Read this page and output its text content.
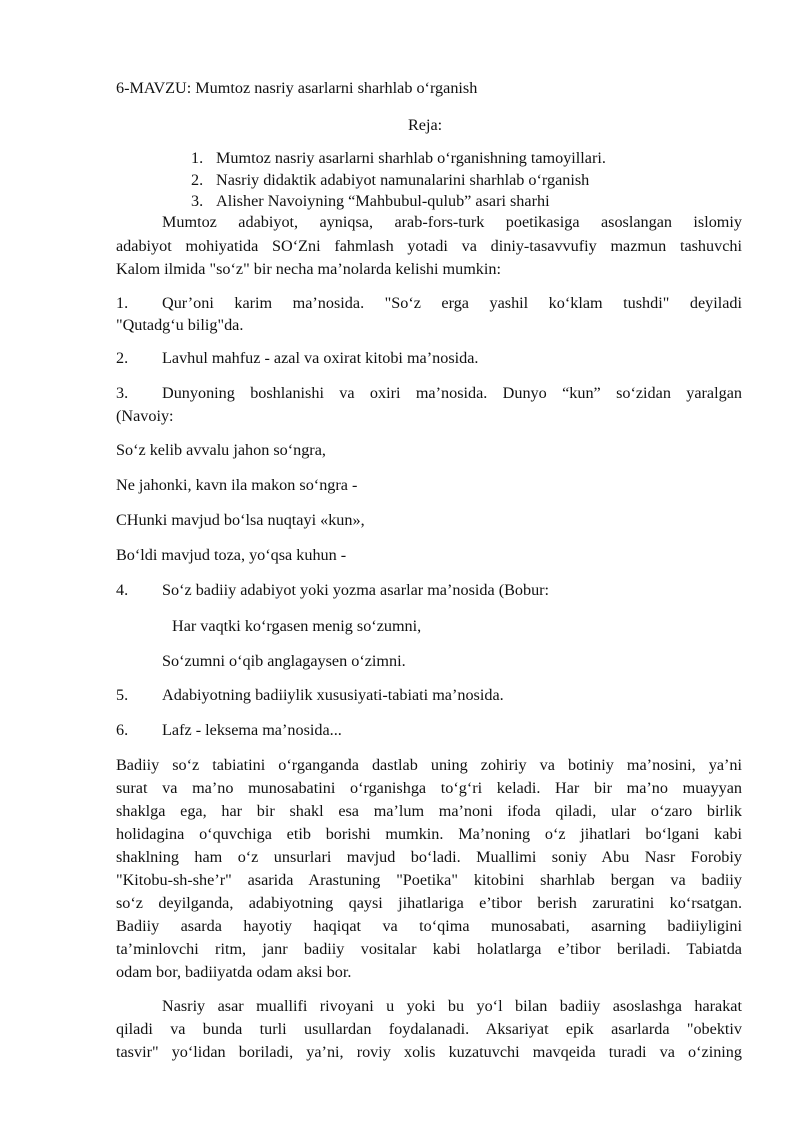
6-MAVZU: Mumtoz nasriy asarlarni sharhlab o‘rganish
Reja:
1. Mumtoz nasriy asarlarni sharhlab o‘rganishning tamoyillari.
2. Nasriy didaktik adabiyot namunalarini sharhlab o‘rganish
3. Alisher Navoiyning “Mahbubul-qulub” asari sharhi
Mumtoz adabiyot, ayniqsa, arab-fors-turk poetikasiga asoslangan islomiy
adabiyot mohiyatida SO‘Zni fahmlash yotadi va diniy-tasavvufiy mazmun tashuvchi
Kalom ilmida "so‘z" bir necha ma’nolarda kelishi mumkin:
1. Qur’oni karim ma’nosida. "So‘z erga yashil ko‘klam tushdi" deyiladi
"Qutadg‘u bilig"da.
2. Lavhul mahfuz - azal va oxirat kitobi ma’nosida.
3. Dunyoning boshlanishi va oxiri ma’nosida. Dunyo “kun” so‘zidan yaralgan
(Navoiy:
So‘z kelib avvalu jahon so‘ngra,
Ne jahonki, kavn ila makon so‘ngra -
CHunki mavjud bo‘lsa nuqtayi «kun»,
Bo‘ldi mavjud toza, yo‘qsa kuhun -
4. So‘z badiiy adabiyot yoki yozma asarlar ma’nosida (Bobur:
Har vaqtki ko‘rgasen menig so‘zumni,
So‘zumni o‘qib anglagaysen o‘zimni.
5. Adabiyotning badiiylik xususiyati-tabiati ma’nosida.
6. Lafz - leksema ma’nosida...
Badiiy so‘z tabiatini o‘rganganda dastlab uning zohiriy va botiniy ma’nosini, ya’ni
surat va ma’no munosabatini o‘rganishga to‘g‘ri keladi. Har bir ma’no muayyan
shaklga ega, har bir shakl esa ma’lum ma’noni ifoda qiladi, ular o‘zaro birlik
holidagina o‘quvchiga etib borishi mumkin. Ma’noning o‘z jihatlari bo‘lgani kabi
shaklning ham o‘z unsurlari mavjud bo‘ladi. Muallimi soniy Abu Nasr Forobiy
"Kitobu-sh-she’r" asarida Arastuning "Poetika" kitobini sharhlab bergan va badiiy
so‘z deyilganda, adabiyotning qaysi jihatlariga e’tibor berish zaruratini ko‘rsatgan.
Badiiy asarda hayotiy haqiqat va to‘qima munosabati, asarning badiiyligini
ta’minlovchi ritm, janr badiiy vositalar kabi holatlarga e’tibor beriladi. Tabiatda
odam bor, badiiyatda odam aksi bor.
Nasriy asar muallifi rivoyani u yoki bu yo‘l bilan badiiy asoslashga harakat
qiladi va bunda turli usullardan foydalanadi. Aksariyat epik asarlarda "obektiv
tasvir" yo‘lidan boriladi, ya’ni, roviy xolis kuzatuvchi mavqeida turadi va o‘zining
